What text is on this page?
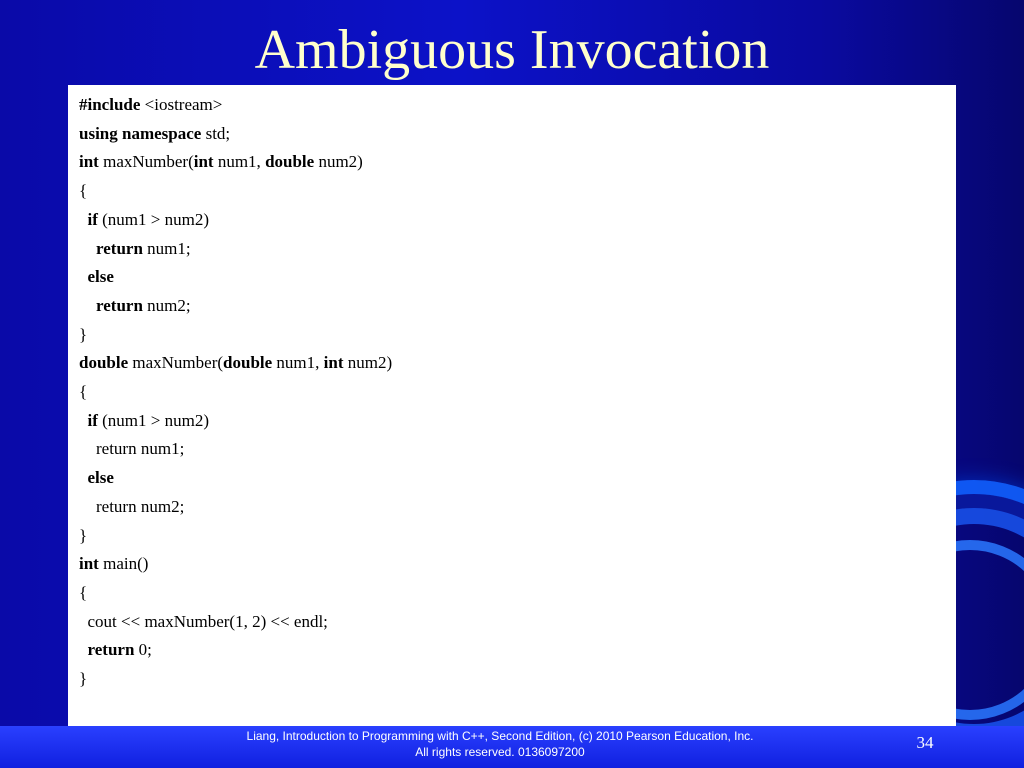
Ambiguous Invocation
#include <iostream>
using namespace std;
int maxNumber(int num1, double num2)
{
if (num1 > num2)
return num1;
else
return num2;
}
double maxNumber(double num1, int num2)
{
if (num1 > num2)
return num1;
else
return num2;
}
int main()
{
cout << maxNumber(1, 2) << endl;
return 0;
}
Liang, Introduction to Programming with C++, Second Edition, (c) 2010 Pearson Education, Inc.
All rights reserved. 0136097200	34
